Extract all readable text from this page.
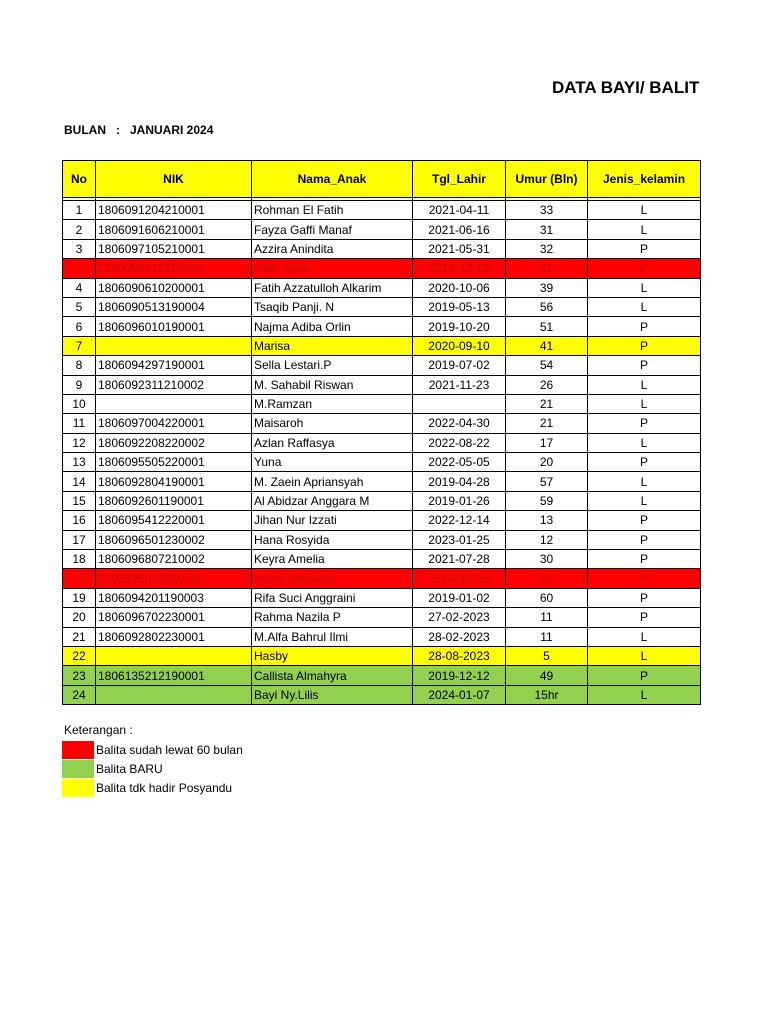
DATA BAYI/ BALIT
BULAN   :   JANUARI 2024
No	NIK	Nama_Anak	Tgl_Lahir	Umur (Bln)	Jenis_kelamin

1	1806091204210001	Rohman El Fatih	2021-04-11	33	L
2	1806091606210001	Fayza Gaffi Manaf	2021-06-16	31	L
3	1806097105210001	Azzira Anindita	2021-05-31	32	P
	1806095612180001	intan aqila	2018-12-16	61	P
4	1806090610200001	Fatih Azzatulloh Alkarim	2020-10-06	39	L
5	1806090513190004	Tsaqib Panji. N	2019-05-13	56	L
6	1806096010190001	Najma Adiba Orlin	2019-10-20	51	P
7		Marisa	2020-09-10	41	P
8	1806094297190001	Sella Lestari.P	2019-07-02	54	P
9	1806092311210002	M. Sahabil Riswan	2021-11-23	26	L
10		M.Ramzan		21	L
11	1806097004220001	Maisaroh	2022-04-30	21	P
12	1806092208220002	Azlan Raffasya	2022-08-22	17	L
13	1806095505220001	Yuna	2022-05-05	20	P
14	1806092804190001	M. Zaein Apriansyah	2019-04-28	57	L
15	1806092601190001	Al Abidzar Anggara M	2019-01-26	59	L
16	1806095412220001	Jihan Nur Izzati	2022-12-14	13	P
17	1806096501230002	Hana Rosyida	2023-01-25	12	P
18	1806096807210002	Keyra Amelia	2021-07-28	30	P
	1806095812180001	Murni Setiawati	2018-12-18	61	P
19	1806094201190003	Rifa Suci Anggraini	2019-01-02	60	P
20	1806096702230001	Rahma Nazila P	27-02-2023	11	P
21	1806092802230001	M.Alfa Bahrul Ilmi	28-02-2023	11	L
22		Hasby	28-08-2023	5	L
23	1806135212190001	Callista Almahyra	2019-12-12	49	P
24		Bayi Ny.Lilis	2024-01-07	15hr	L
Keterangan :
Balita sudah lewat 60 bulan
Balita BARU
Balita tdk hadir Posyandu
